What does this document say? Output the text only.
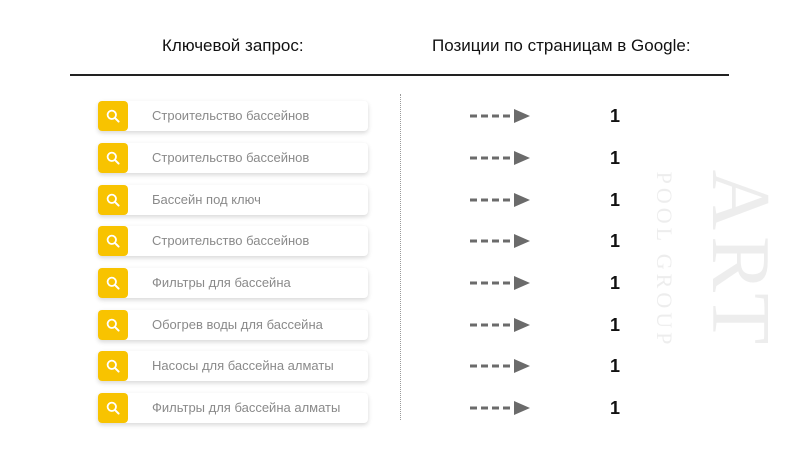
Ключевой запрос:	Позиции по страницам в Google:
ART
POOL GROUP
Строительство бассейнов	1
Строительство бассейнов	1
Бассейн под ключ	1
Строительство бассейнов	1
Фильтры для бассейна	1
Обогрев воды для бассейна	1
Насосы для бассейна алматы	1
Фильтры для бассейна алматы	1
